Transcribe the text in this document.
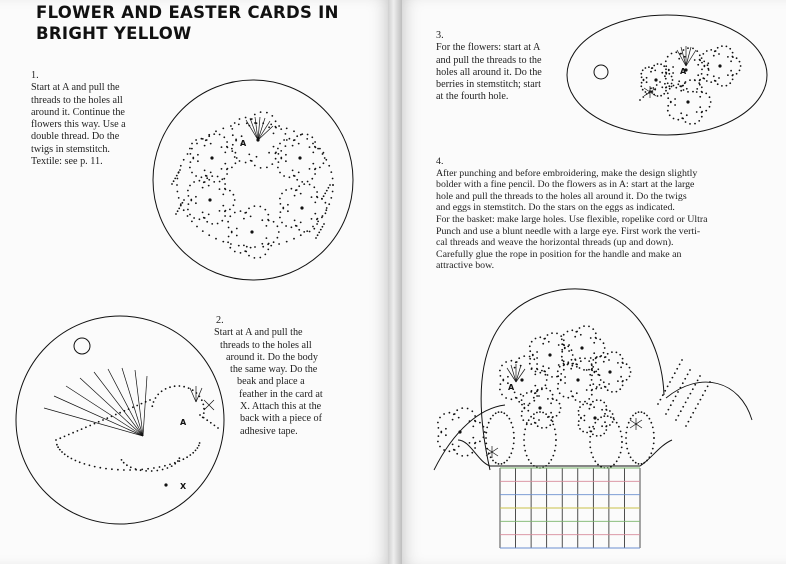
FLOWER AND EASTER CARDS IN
BRIGHT YELLOW
1.
Start at A and pull the
threads to the holes all
around it. Continue the
flowers this way. Use a
double thread. Do the
twigs in stemstitch.
Textile: see p. 11.
2.
Start at A and pull the
threads to the holes all
around it. Do the body
the same way. Do the
beak and place a
feather in the card at
X. Attach this at the
back with a piece of
adhesive tape.
3.
For the flowers: start at A
and pull the threads to the
holes all around it. Do the
berries in stemstitch; start
at the fourth hole.
4.
After punching and before embroidering, make the design slightly
bolder with a fine pencil. Do the flowers as in A: start at the large
hole and pull the threads to the holes all around it. Do the twigs
and eggs in stemstitch. Do the stars on the eggs as indicated.
For the basket: make large holes. Use flexible, ropelike cord or Ultra
Punch and use a blunt needle with a large eye. First work the verti-
cal threads and weave the horizontal threads (up and down).
Carefully glue the rope in position for the handle and make an
attractive bow.
A
A
X
A
A
